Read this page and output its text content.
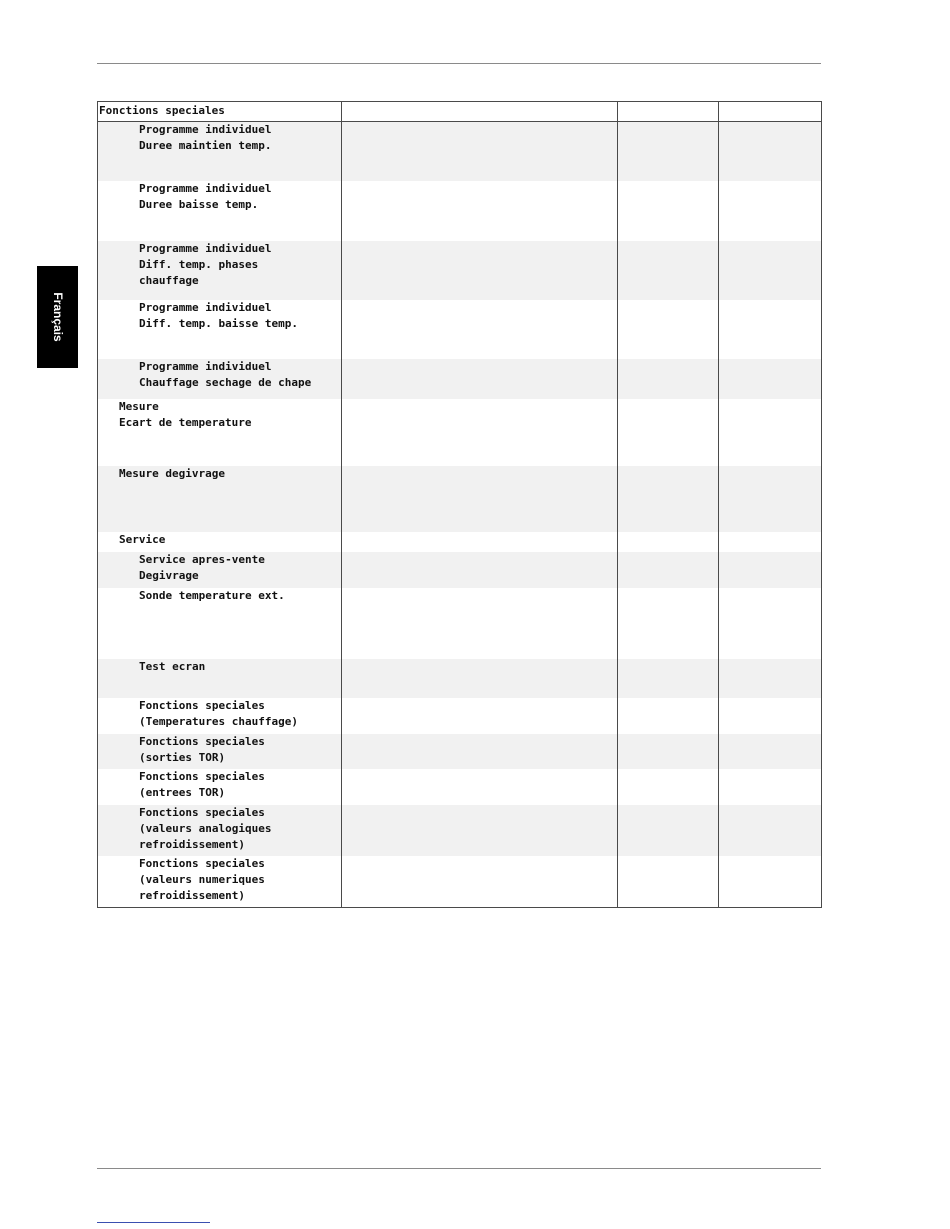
Français
Fonctions speciales			

Programme individuel
Duree maintien temp.			

Programme individuel
Duree baisse temp.			

Programme individuel
Diff. temp. phases
chauffage			

Programme individuel
Diff. temp. baisse temp.			

Programme individuel
Chauffage sechage de chape			

Mesure
Ecart de temperature			

Mesure degivrage			

Service			

Service apres-vente
Degivrage			

Sonde temperature ext.			

Test ecran			

Fonctions speciales
(Temperatures chauffage)			

Fonctions speciales
(sorties TOR)			

Fonctions speciales
(entrees TOR)			

Fonctions speciales
(valeurs analogiques
refroidissement)			

Fonctions speciales
(valeurs numeriques
refroidissement)			
